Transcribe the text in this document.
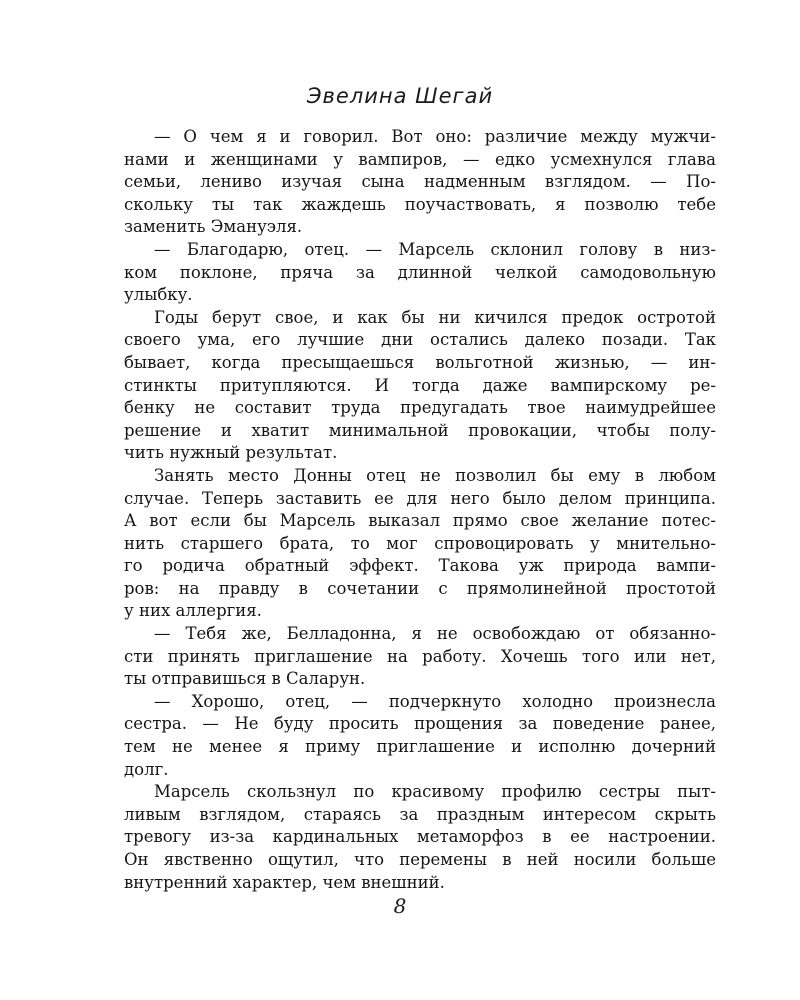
Эвелина Шегай
— О чем я и говорил. Вот оно: различие между мужчи-
нами и женщинами у вампиров, — едко усмехнулся глава
семьи, лениво изучая сына надменным взглядом. — По-
скольку ты так жаждешь поучаствовать, я позволю тебе
заменить Эмануэля.
— Благодарю, отец. — Марсель склонил голову в низ-
ком поклоне, пряча за длинной челкой самодовольную
улыбку.
Годы берут свое, и как бы ни кичился предок остротой
своего ума, его лучшие дни остались далеко позади. Так
бывает, когда пресыщаешься вольготной жизнью, — ин-
стинкты притупляются. И тогда даже вампирскому ре-
бенку не составит труда предугадать твое наимудрейшее
решение и хватит минимальной провокации, чтобы полу-
чить нужный результат.
Занять место Донны отец не позволил бы ему в любом
случае. Теперь заставить ее для него было делом принципа.
А вот если бы Марсель выказал прямо свое желание потес-
нить старшего брата, то мог спровоцировать у мнительно-
го родича обратный эффект. Такова уж природа вампи-
ров: на правду в сочетании с прямолинейной простотой
у них аллергия.
— Тебя же, Белладонна, я не освобождаю от обязанно-
сти принять приглашение на работу. Хочешь того или нет,
ты отправишься в Саларун.
— Хорошо, отец, — подчеркнуто холодно произнесла
сестра. — Не буду просить прощения за поведение ранее,
тем не менее я приму приглашение и исполню дочерний
долг.
Марсель скользнул по красивому профилю сестры пыт-
ливым взглядом, стараясь за праздным интересом скрыть
тревогу из-за кардинальных метаморфоз в ее настроении.
Он явственно ощутил, что перемены в ней носили больше
внутренний характер, чем внешний.
8
